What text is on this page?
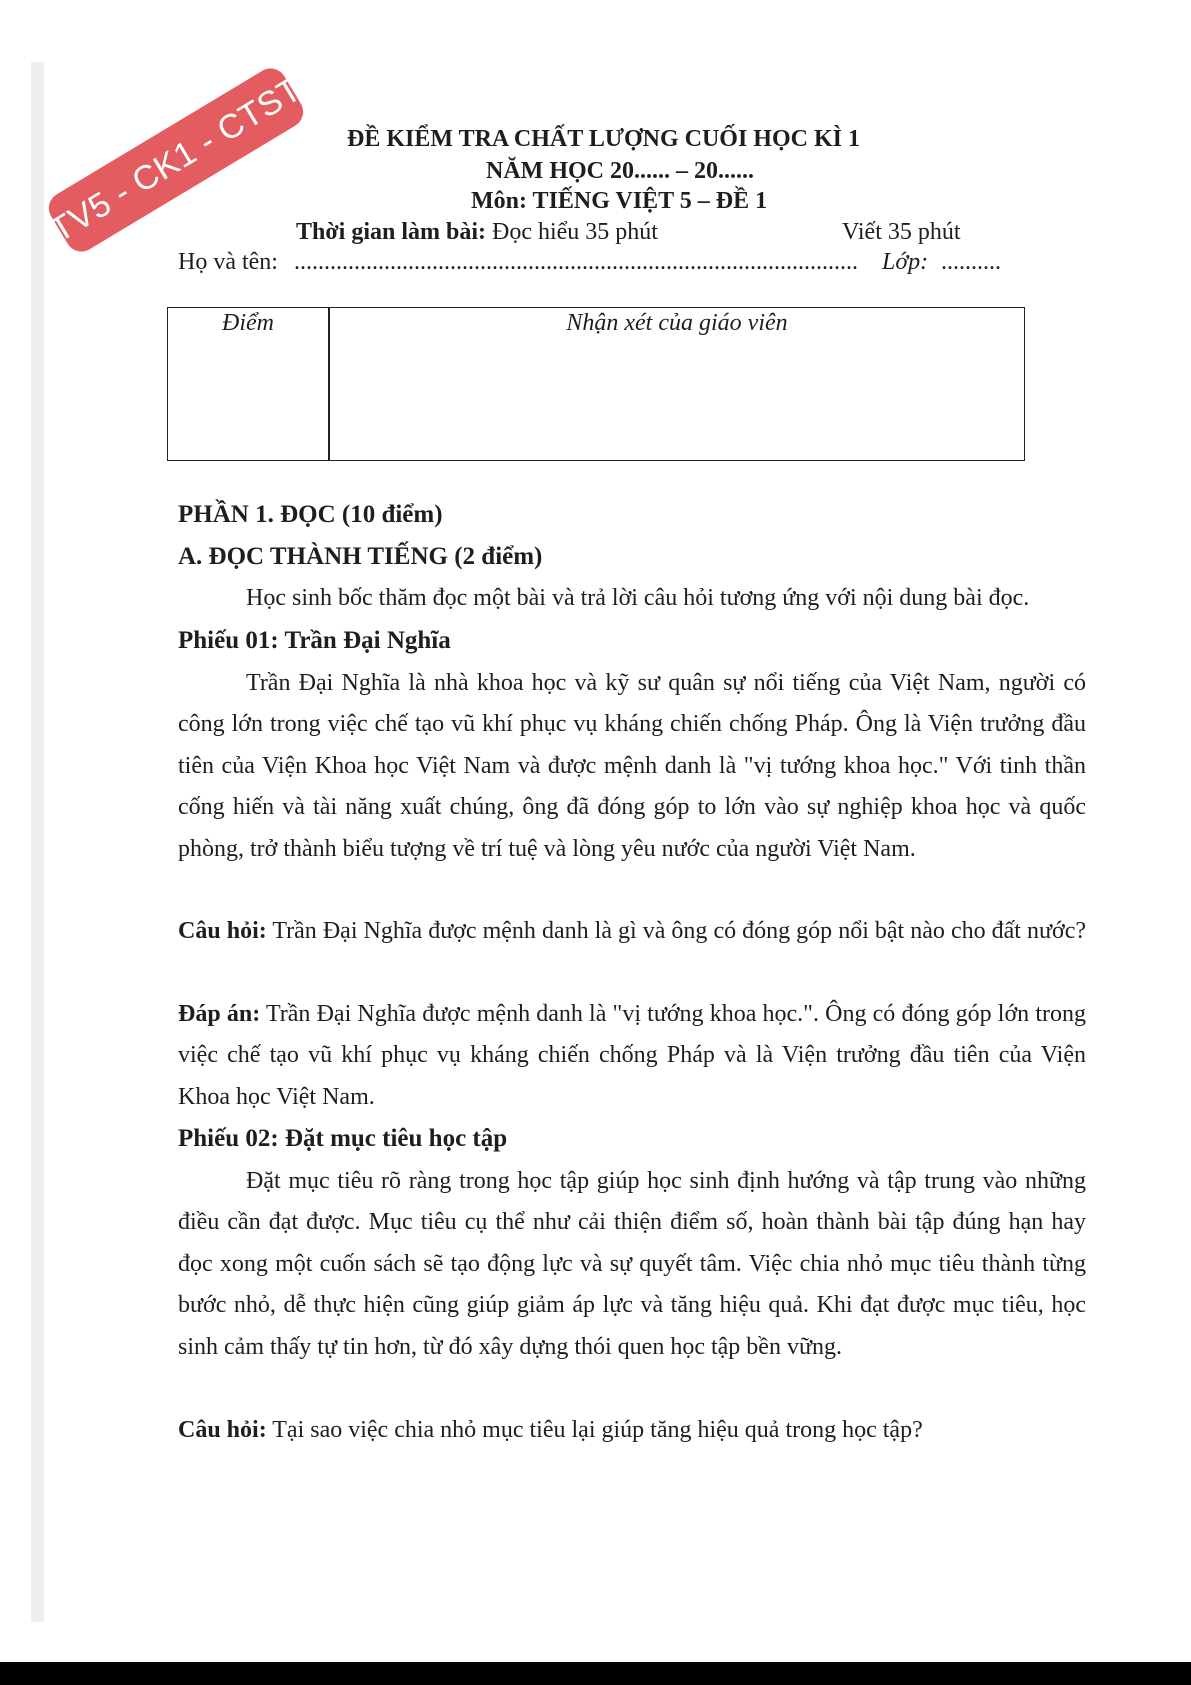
TV5 - CK1 - CTST ĐỀ KIỂM TRA CHẤT LƯỢNG CUỐI HỌC KÌ 1
NĂM HỌC 20...... – 20......
Môn: TIẾNG VIỆT 5 – ĐỀ 1
Thời gian làm bài: Đọc hiểu 35 phút	Viết 35 phút
Họ và tên: ..............................................................................................	Lớp: ..........
Điểm	Nhận xét của giáo viên
PHẦN 1. ĐỌC (10 điểm)
A. ĐỌC THÀNH TIẾNG (2 điểm)
Học sinh bốc thăm đọc một bài và trả lời câu hỏi tương ứng với nội dung bài đọc.
Phiếu 01: Trần Đại Nghĩa
Trần Đại Nghĩa là nhà khoa học và kỹ sư quân sự nổi tiếng của Việt Nam, người có công lớn trong việc chế tạo vũ khí phục vụ kháng chiến chống Pháp. Ông là Viện trưởng đầu tiên của Viện Khoa học Việt Nam và được mệnh danh là "vị tướng khoa học." Với tinh thần cống hiến và tài năng xuất chúng, ông đã đóng góp to lớn vào sự nghiệp khoa học và quốc phòng, trở thành biểu tượng về trí tuệ và lòng yêu nước của người Việt Nam.
Câu hỏi: Trần Đại Nghĩa được mệnh danh là gì và ông có đóng góp nổi bật nào cho đất nước?
Đáp án: Trần Đại Nghĩa được mệnh danh là "vị tướng khoa học.". Ông có đóng góp lớn trong việc chế tạo vũ khí phục vụ kháng chiến chống Pháp và là Viện trưởng đầu tiên của Viện Khoa học Việt Nam.
Phiếu 02: Đặt mục tiêu học tập
Đặt mục tiêu rõ ràng trong học tập giúp học sinh định hướng và tập trung vào những điều cần đạt được. Mục tiêu cụ thể như cải thiện điểm số, hoàn thành bài tập đúng hạn hay đọc xong một cuốn sách sẽ tạo động lực và sự quyết tâm. Việc chia nhỏ mục tiêu thành từng bước nhỏ, dễ thực hiện cũng giúp giảm áp lực và tăng hiệu quả. Khi đạt được mục tiêu, học sinh cảm thấy tự tin hơn, từ đó xây dựng thói quen học tập bền vững.
Câu hỏi: Tại sao việc chia nhỏ mục tiêu lại giúp tăng hiệu quả trong học tập?
